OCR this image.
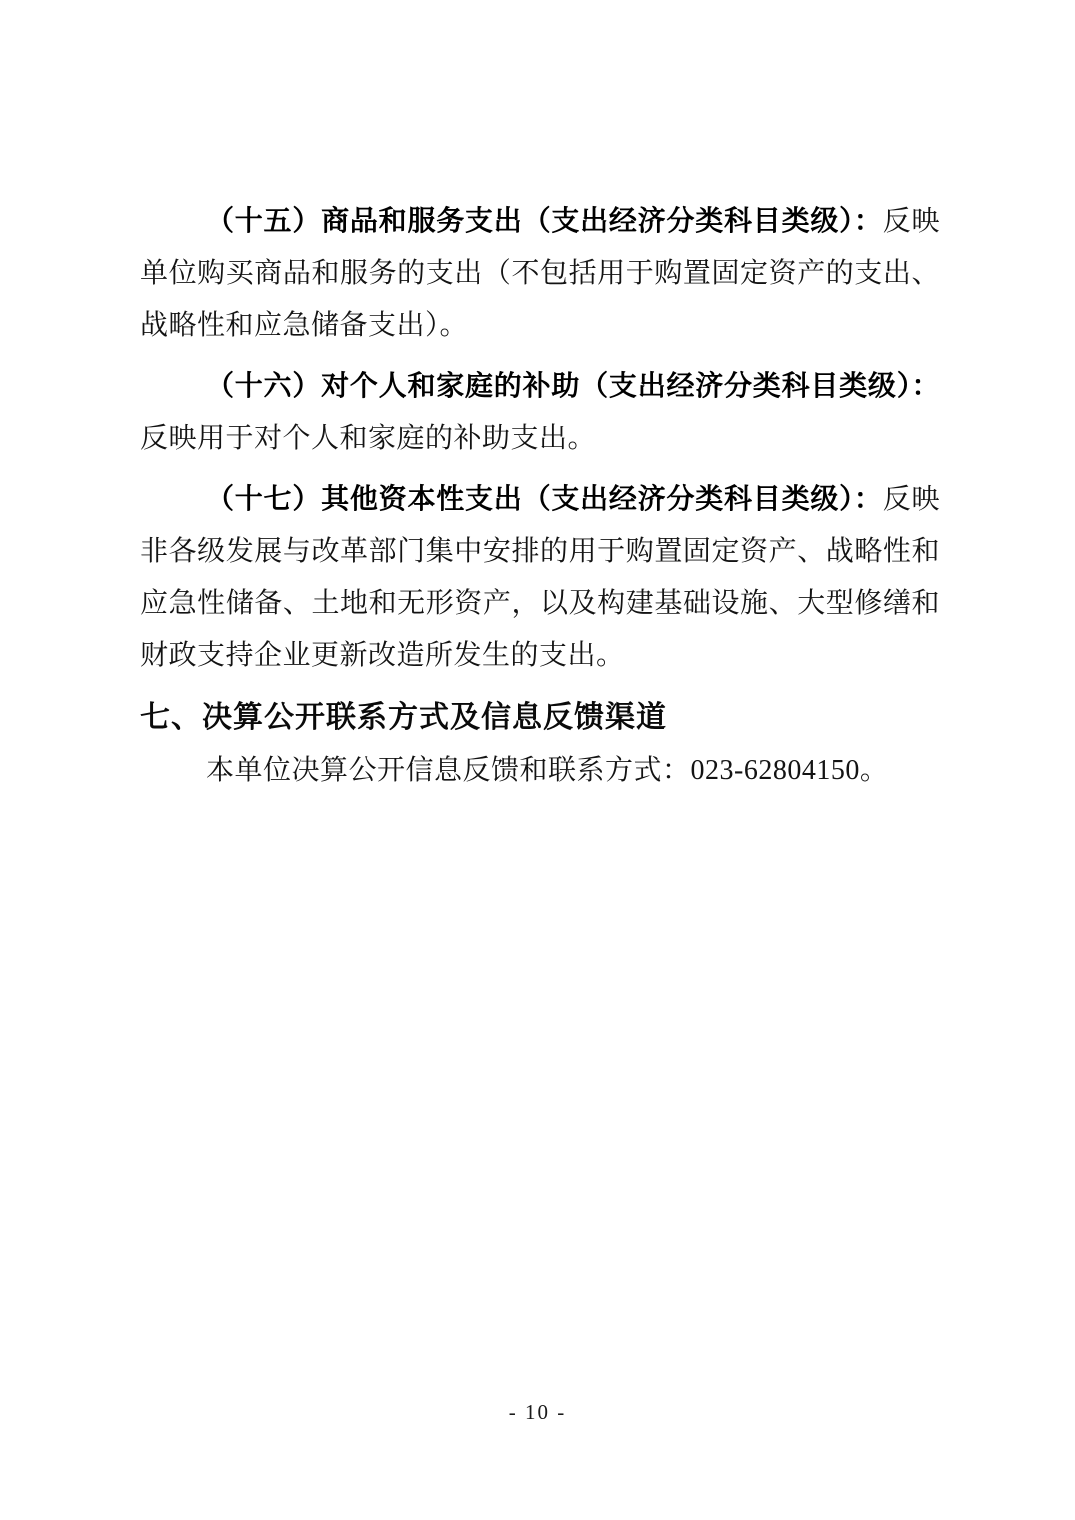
（十五）商品和服务支出（支出经济分类科目类级）：反映单位购买商品和服务的支出（不包括用于购置固定资产的支出、战略性和应急储备支出）。

（十六）对个人和家庭的补助（支出经济分类科目类级）：反映用于对个人和家庭的补助支出。

（十七）其他资本性支出（支出经济分类科目类级）：反映非各级发展与改革部门集中安排的用于购置固定资产、战略性和应急性储备、土地和无形资产，以及构建基础设施、大型修缮和财政支持企业更新改造所发生的支出。

七、决算公开联系方式及信息反馈渠道

本单位决算公开信息反馈和联系方式：023-62804150。

- 10 -
